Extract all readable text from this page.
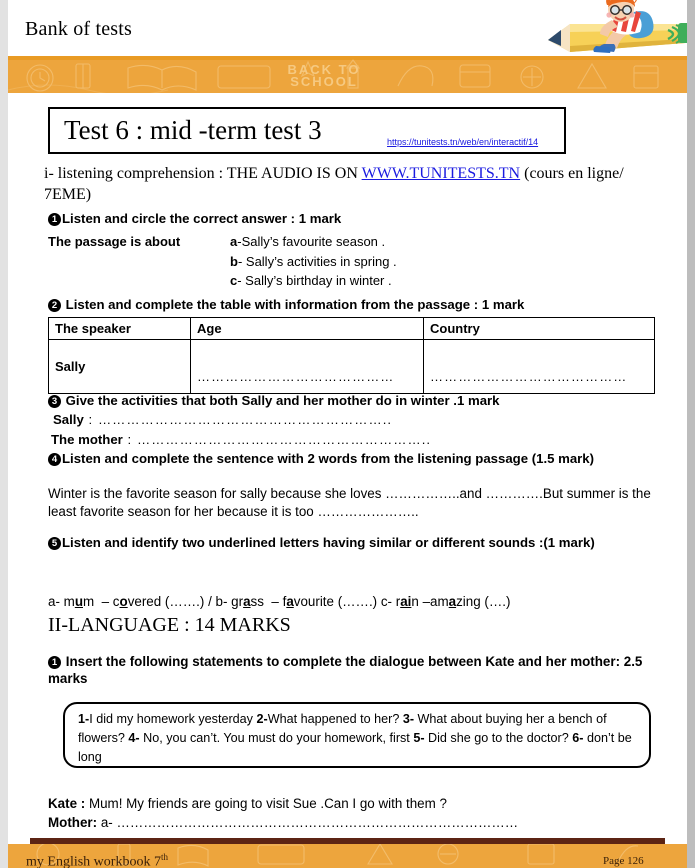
Bank of tests
BACK TO SCHOOL
Test 6 : mid -term test 3	https://tunitests.tn/web/en/interactif/14
i- listening comprehension : THE AUDIO IS ON WWW.TUNITESTS.TN (cours en ligne/ 7EME)
1 Listen and circle the correct answer : 1 mark
The passage is about	a-Sally’s favourite season .
b- Sally’s activities in spring .
c- Sally’s birthday in winter .
2 Listen and complete the table with information from the passage : 1 mark
The speaker	Age	Country
Sally	……………………………………	……………………………………
3 Give the activities that both Sally and her mother do in winter .1 mark
Sally : ……………………………………………………..
The mother : ……………………………………………………..
4 Listen and complete the sentence with 2 words from the listening passage (1.5 mark)
Winter is the favorite season for sally because she loves ……………..and ………….But summer is the least favorite season for her because it is too …………………..
5 Listen and identify two underlined letters having similar or different sounds :(1 mark)
a- mum – covered (…….) / b- grass – favourite (…….) c- rain –amazing (….)
II-LANGUAGE : 14 MARKS
1 Insert the following statements to complete the dialogue between Kate and her mother: 2.5 marks
1-I did my homework yesterday 2-What happened to her? 3- What about buying her a bench of flowers? 4- No, you can’t. You must do your homework, first 5- Did she go to the doctor? 6- don’t be long
Kate : Mum! My friends are going to visit Sue .Can I go with them ?
Mother: a- ………………………………………………………………………………
my English workbook 7th	Page 126
